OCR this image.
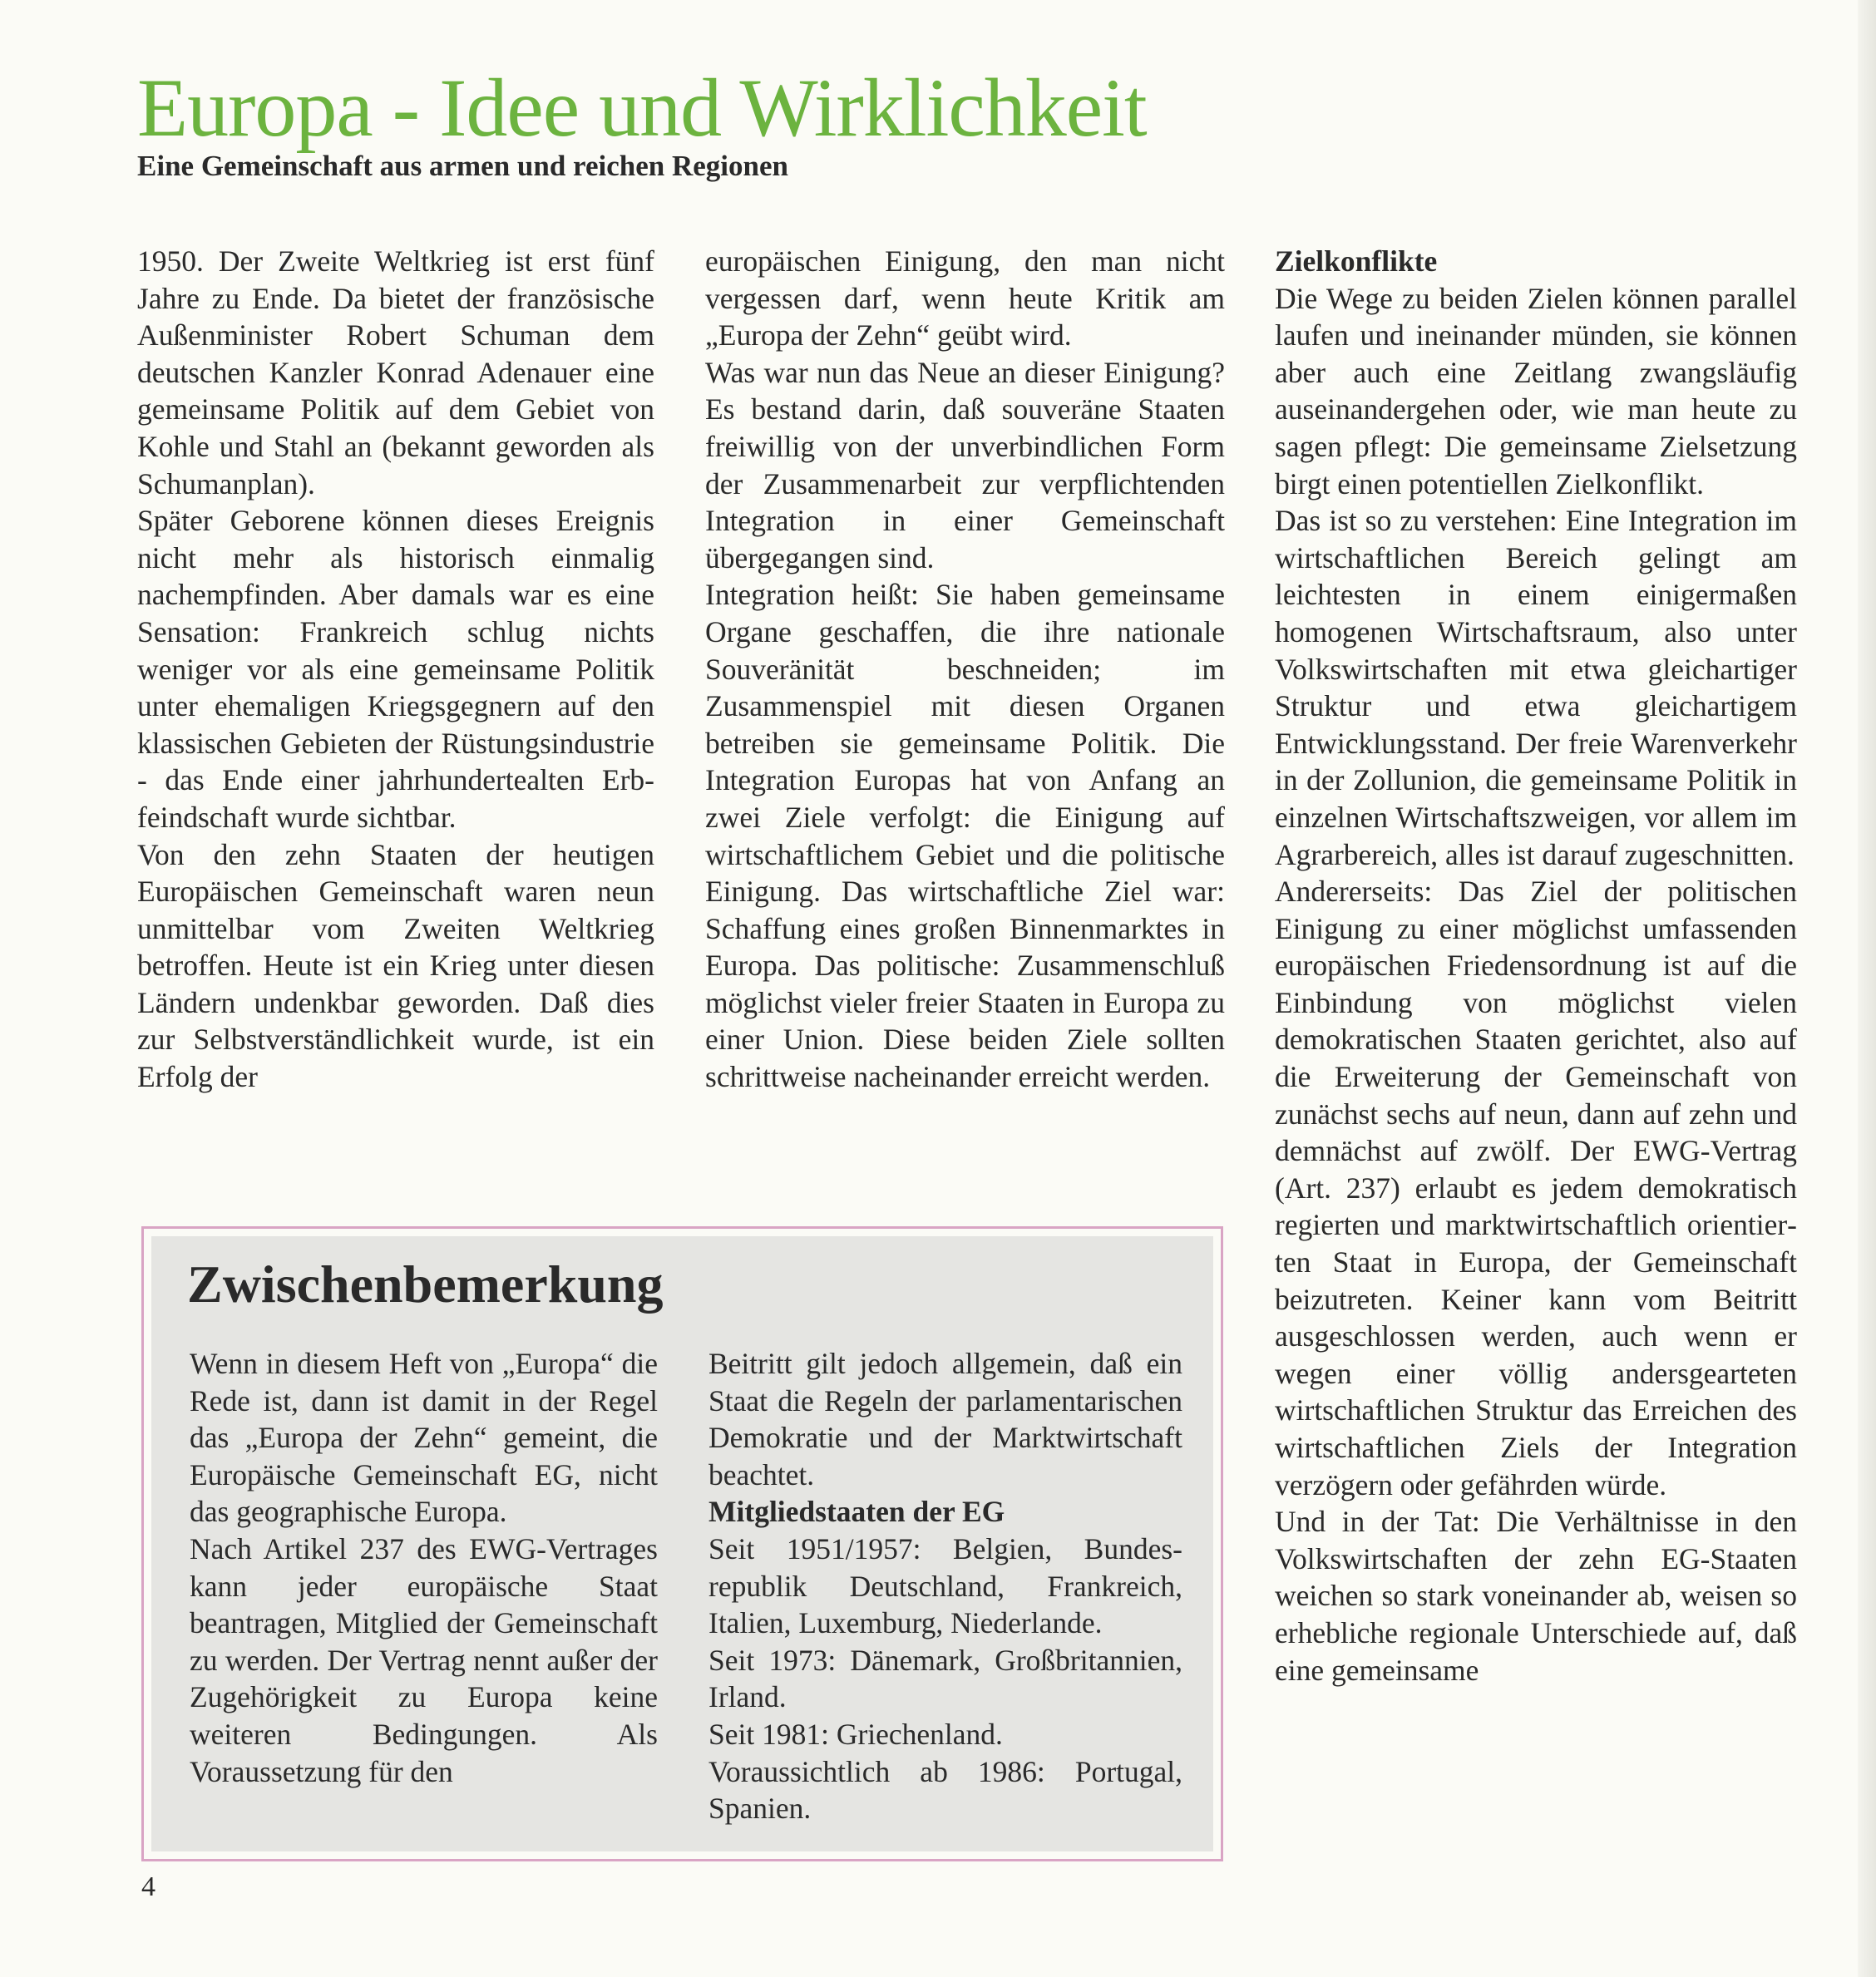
Europa - Idee und Wirklichkeit
Eine Gemeinschaft aus armen und reichen Regionen

1950. Der Zweite Weltkrieg ist erst fünf Jahre zu Ende. Da bietet der französische Außenminister Robert Schuman dem deutschen Kanzler Konrad Adenauer eine gemeinsame Politik auf dem Gebiet von Kohle und Stahl an (bekannt geworden als Schumanplan).

Später Geborene können dieses Ereignis nicht mehr als historisch einmalig nachempfinden. Aber damals war es eine Sensation: Frankreich schlug nichts weniger vor als eine gemeinsame Politik unter ehemaligen Kriegsgegnern auf den klassischen Gebieten der Rüstungsindustrie - das Ende einer jahrhundertealten Erbfeindschaft wurde sichtbar.

Von den zehn Staaten der heutigen Europäischen Gemeinschaft waren neun unmittelbar vom Zweiten Weltkrieg betroffen. Heute ist ein Krieg unter diesen Ländern undenkbar geworden. Daß dies zur Selbstverständlichkeit wurde, ist ein Erfolg der

europäischen Einigung, den man nicht vergessen darf, wenn heute Kritik am „Europa der Zehn“ geübt wird.

Was war nun das Neue an dieser Einigung? Es bestand darin, daß souveräne Staaten freiwillig von der unverbindlichen Form der Zusammenarbeit zur verpflichtenden Integration in einer Gemeinschaft übergegangen sind.

Integration heißt: Sie haben gemeinsame Organe geschaffen, die ihre nationale Souveränität beschneiden; im Zusammenspiel mit diesen Organen betreiben sie gemeinsame Politik. Die Integration Europas hat von Anfang an zwei Ziele verfolgt: die Einigung auf wirtschaftlichem Gebiet und die politische Einigung. Das wirtschaftliche Ziel war: Schaffung eines großen Binnenmarktes in Europa. Das politische: Zusammenschluß möglichst vieler freier Staaten in Europa zu einer Union. Diese beiden Ziele sollten schrittweise nacheinander erreicht werden.

Zielkonflikte

Die Wege zu beiden Zielen können parallel laufen und ineinander münden, sie können aber auch eine Zeitlang zwangsläufig auseinandergehen oder, wie man heute zu sagen pflegt: Die gemeinsame Zielsetzung birgt einen potentiellen Zielkonflikt.

Das ist so zu verstehen: Eine Integration im wirtschaftlichen Bereich gelingt am leichtesten in einem einigermaßen homogenen Wirtschaftsraum, also unter Volkswirtschaften mit etwa gleichartiger Struktur und etwa gleichartigem Entwicklungsstand. Der freie Warenverkehr in der Zollunion, die gemeinsame Politik in einzelnen Wirtschaftszweigen, vor allem im Agrarbereich, alles ist darauf zugeschnitten.

Andererseits: Das Ziel der politischen Einigung zu einer möglichst umfassenden europäischen Friedensordnung ist auf die Einbindung von möglichst vielen demokratischen Staaten gerichtet, also auf die Erweiterung der Gemeinschaft von zunächst sechs auf neun, dann auf zehn und demnächst auf zwölf. Der EWG-Vertrag (Art. 237) erlaubt es jedem demokratisch regierten und marktwirtschaftlich orientierten Staat in Europa, der Gemeinschaft beizutreten. Keiner kann vom Beitritt ausgeschlossen werden, auch wenn er wegen einer völlig andersgearteten wirtschaftlichen Struktur das Erreichen des wirtschaftlichen Ziels der Integration verzögern oder gefährden würde.

Und in der Tat: Die Verhältnisse in den Volkswirtschaften der zehn EG-Staaten weichen so stark voneinander ab, weisen so erhebliche regionale Unterschiede auf, daß eine gemeinsame

Zwischenbemerkung

Wenn in diesem Heft von „Europa“ die Rede ist, dann ist damit in der Regel das „Europa der Zehn“ gemeint, die Europäische Gemeinschaft EG, nicht das geographische Europa.

Nach Artikel 237 des EWG-Vertrages kann jeder europäische Staat beantragen, Mitglied der Gemeinschaft zu werden. Der Vertrag nennt außer der Zugehörigkeit zu Europa keine weiteren Bedingungen. Als Voraussetzung für den

Beitritt gilt jedoch allgemein, daß ein Staat die Regeln der parlamentarischen Demokratie und der Marktwirtschaft beachtet.

Mitgliedstaaten der EG

Seit 1951/1957: Belgien, Bundesrepublik Deutschland, Frankreich, Italien, Luxemburg, Niederlande.

Seit 1973: Dänemark, Großbritannien, Irland.

Seit 1981: Griechenland.

Voraussichtlich ab 1986: Portugal, Spanien.

4
